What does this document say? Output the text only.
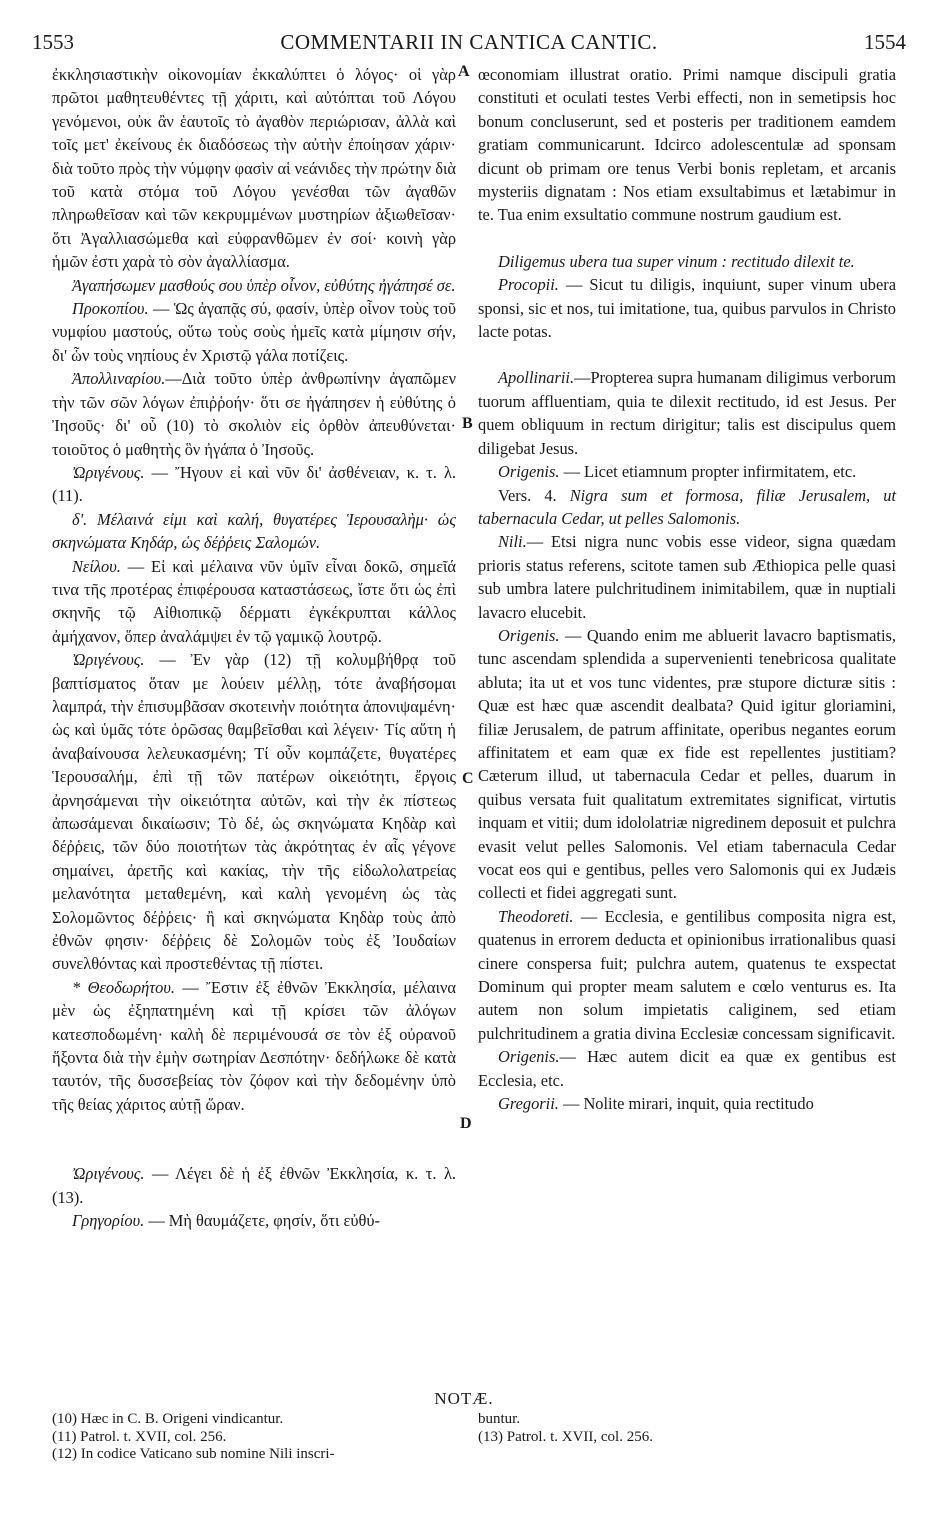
1553	COMMENTARII IN CANTICA CANTIC.	1554
A
B
C
D

ἐκκλησιαστικὴν οἰκονομίαν ἐκκαλύπτει ὁ λόγος· οἱ γὰρ πρῶτοι μαθητευθέντες τῇ χάριτι, καὶ αὐτόπται τοῦ Λόγου γενόμενοι, οὐκ ἂν ἑαυτοῖς τὸ ἀγαθὸν περιώρισαν, ἀλλὰ καὶ τοῖς μετ' ἐκείνους ἐκ διαδόσεως τὴν αὐτὴν ἐποίησαν χάριν· διὰ τοῦτο πρὸς τὴν νύμφην φασὶν αἱ νεάνιδες τὴν πρώτην διὰ τοῦ κατὰ στόμα τοῦ Λόγου γενέσθαι τῶν ἀγαθῶν πληρωθεῖσαν καὶ τῶν κεκρυμμένων μυστηρίων ἀξιωθεῖσαν· ὅτι Ἀγαλλιασώμεθα καὶ εὐφρανθῶμεν ἐν σοί· κοινὴ γὰρ ἡμῶν ἐστι χαρὰ τὸ σὸν ἀγαλλίασμα.

Ἀγαπήσωμεν μασθούς σου ὑπὲρ οἶνον, εὐθύτης ἠγάπησέ σε.

Προκοπίου. — Ὡς ἀγαπᾷς σύ, φασίν, ὑπὲρ οἶνον τοὺς τοῦ νυμφίου μαστούς, οὕτω τοὺς σοὺς ἡμεῖς κατὰ μίμησιν σήν, δι' ὧν τοὺς νηπίους ἐν Χριστῷ γάλα ποτίζεις.

Ἀπολλιναρίου.—Διὰ τοῦτο ὑπὲρ ἀνθρωπίνην ἀγαπῶμεν τὴν τῶν σῶν λόγων ἐπιῤῥοήν· ὅτι σε ἠγάπησεν ἡ εὐθύτης ὁ Ἰησοῦς· δι' οὗ (10) τὸ σκολιὸν εἰς ὀρθὸν ἀπευθύνεται· τοιοῦτος ὁ μαθητὴς ὃν ἠγάπα ὁ Ἰησοῦς.

Ὠριγένους. — Ἤγουν εἰ καὶ νῦν δι' ἀσθένειαν, κ. τ. λ. (11).

δ'. Μέλαινά εἰμι καὶ καλή, θυγατέρες Ἱερουσαλὴμ· ὡς σκηνώματα Κηδάρ, ὡς δέῤῥεις Σαλομών.

Νείλου. — Εἰ καὶ μέλαινα νῦν ὑμῖν εἶναι δοκῶ, σημεῖά τινα τῆς προτέρας ἐπιφέρουσα καταστάσεως, ἴστε ὅτι ὡς ἐπὶ σκηνῆς τῷ Αἰθιοπικῷ δέρματι ἐγκέκρυπται κάλλος ἀμήχανον, ὅπερ ἀναλάμψει ἐν τῷ γαμικῷ λουτρῷ.

Ὠριγένους. — Ἐν γὰρ (12) τῇ κολυμβήθρᾳ τοῦ βαπτίσματος ὅταν με λούειν μέλλῃ, τότε ἀναβήσομαι λαμπρά, τὴν ἐπισυμβᾶσαν σκοτεινὴν ποιότητα ἀπονιψαμένη· ὡς καὶ ὑμᾶς τότε ὁρῶσας θαμβεῖσθαι καὶ λέγειν· Τίς αὕτη ἡ ἀναβαίνουσα λελευκασμένη; Τί οὖν κομπάζετε, θυγατέρες Ἱερουσαλήμ, ἐπὶ τῇ τῶν πατέρων οἰκειότητι, ἔργοις ἀρνησάμεναι τὴν οἰκειότητα αὐτῶν, καὶ τὴν ἐκ πίστεως ἀπωσάμεναι δικαίωσιν; Τὸ δέ, ὡς σκηνώματα Κηδὰρ καὶ δέῤῥεις, τῶν δύο ποιοτήτων τὰς ἀκρότητας ἐν αἷς γέγονε σημαίνει, ἀρετῆς καὶ κακίας, τὴν τῆς εἰδωλολατρείας μελανότητα μεταθεμένη, καὶ καλὴ γενομένη ὡς τὰς Σολομῶντος δέῤῥεις· ἢ καὶ σκηνώματα Κηδὰρ τοὺς ἀπὸ ἐθνῶν φησιν· δέῤῥεις δὲ Σολομῶν τοὺς ἐξ Ἰουδαίων συνελθόντας καὶ προστεθέντας τῇ πίστει.

* Θεοδωρήτου. — Ἔστιν ἐξ ἐθνῶν Ἐκκλησία, μέλαινα μὲν ὡς ἐξηπατημένη καὶ τῇ κρίσει τῶν ἀλόγων κατεσποδωμένη· καλὴ δὲ περιμένουσά σε τὸν ἐξ οὐρανοῦ ἥξοντα διὰ τὴν ἐμὴν σωτηρίαν Δεσπότην· δεδήλωκε δὲ κατὰ ταυτόν, τῆς δυσσεβείας τὸν ζόφον καὶ τὴν δεδομένην ὑπὸ τῆς θείας χάριτος αὐτῇ ὥραν.

Ὠριγένους. — Λέγει δὲ ἡ ἐξ ἐθνῶν Ἐκκλησία, κ. τ. λ. (13).

Γρηγορίου. — Μὴ θαυμάζετε, φησίν, ὅτι εὐθύ-

œconomiam illustrat oratio. Primi namque discipuli gratia constituti et oculati testes Verbi effecti, non in semetipsis hoc bonum concluserunt, sed et posteris per traditionem eamdem gratiam communicarunt. Idcirco adolescentulæ ad sponsam dicunt ob primam ore tenus Verbi bonis repletam, et arcanis mysteriis dignatam : Nos etiam exsultabimus et lætabimur in te. Tua enim exsultatio commune nostrum gaudium est.

Diligemus ubera tua super vinum : rectitudo dilexit te.

Procopii. — Sicut tu diligis, inquiunt, super vinum ubera sponsi, sic et nos, tui imitatione, tua, quibus parvulos in Christo lacte potas.

Apollinarii.—Propterea supra humanam diligimus verborum tuorum affluentiam, quia te dilexit rectitudo, id est Jesus. Per quem obliquum in rectum dirigitur; talis est discipulus quem diligebat Jesus.

Origenis. — Licet etiamnum propter infirmitatem, etc.

Vers. 4. Nigra sum et formosa, filiæ Jerusalem, ut tabernacula Cedar, ut pelles Salomonis.

Nili.— Etsi nigra nunc vobis esse videor, signa quædam prioris status referens, scitote tamen sub Æthiopica pelle quasi sub umbra latere pulchritudinem inimitabilem, quæ in nuptiali lavacro elucebit.

Origenis. — Quando enim me abluerit lavacro baptismatis, tunc ascendam splendida a supervenienti tenebricosa qualitate abluta; ita ut et vos tunc videntes, præ stupore dicturæ sitis : Quæ est hæc quæ ascendit dealbata? Quid igitur gloriamini, filiæ Jerusalem, de patrum affinitate, operibus negantes eorum affinitatem et eam quæ ex fide est repellentes justitiam? Cæterum illud, ut tabernacula Cedar et pelles, duarum in quibus versata fuit qualitatum extremitates significat, virtutis inquam et vitii; dum idololatriæ nigredinem deposuit et pulchra evasit velut pelles Salomonis. Vel etiam tabernacula Cedar vocat eos qui e gentibus, pelles vero Salomonis qui ex Judæis collecti et fidei aggregati sunt.

Theodoreti. — Ecclesia, e gentilibus composita nigra est, quatenus in errorem deducta et opinionibus irrationalibus quasi cinere conspersa fuit; pulchra autem, quatenus te exspectat Dominum qui propter meam salutem e cœlo venturus es. Ita autem non solum impietatis caliginem, sed etiam pulchritudinem a gratia divina Ecclesiæ concessam significavit.

Origenis.— Hæc autem dicit ea quæ ex gentibus est Ecclesia, etc.

Gregorii. — Nolite mirari, inquit, quia rectitudo

NOTÆ.

(10) Hæc in C. B. Origeni vindicantur.

(11) Patrol. t. XVII, col. 256.

(12) In codice Vaticano sub nomine Nili inscri-

buntur.

(13) Patrol. t. XVII, col. 256.
